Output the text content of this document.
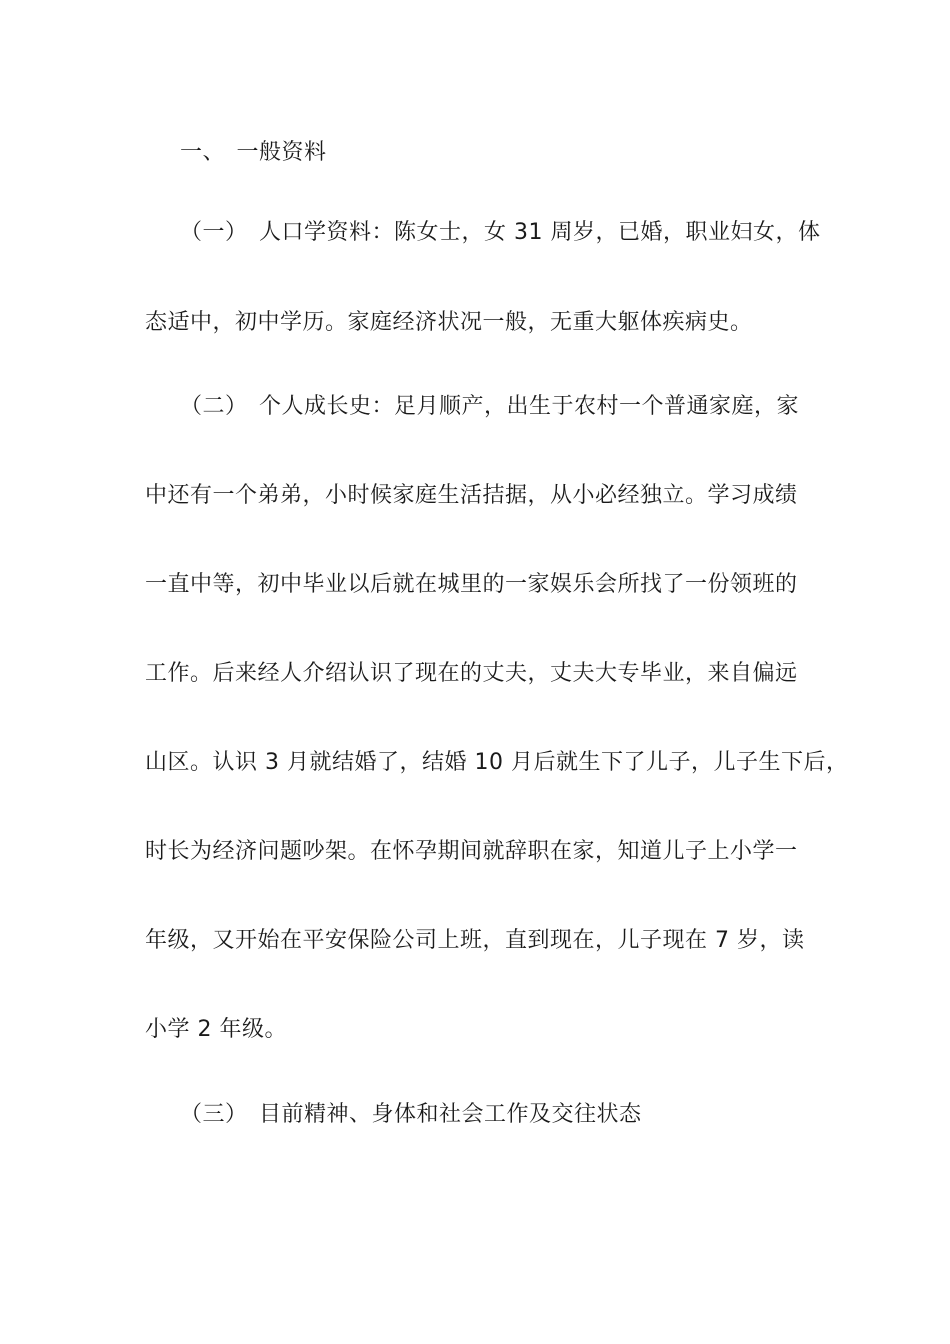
一、　一般资料
（一）　人口学资料：陈女士，女 31 周岁，已婚，职业妇女，体
态适中，初中学历。家庭经济状况一般，无重大躯体疾病史。
（二）　个人成长史：足月顺产，出生于农村一个普通家庭，家
中还有一个弟弟，小时候家庭生活拮据，从小必经独立。学习成绩
一直中等，初中毕业以后就在城里的一家娱乐会所找了一份领班的
工作。后来经人介绍认识了现在的丈夫，丈夫大专毕业，来自偏远
山区。认识 3 月就结婚了，结婚 10 月后就生下了儿子，儿子生下后，
时长为经济问题吵架。在怀孕期间就辞职在家，知道儿子上小学一
年级，又开始在平安保险公司上班，直到现在，儿子现在 7 岁，读
小学 2 年级。
（三）　目前精神、身体和社会工作及交往状态
